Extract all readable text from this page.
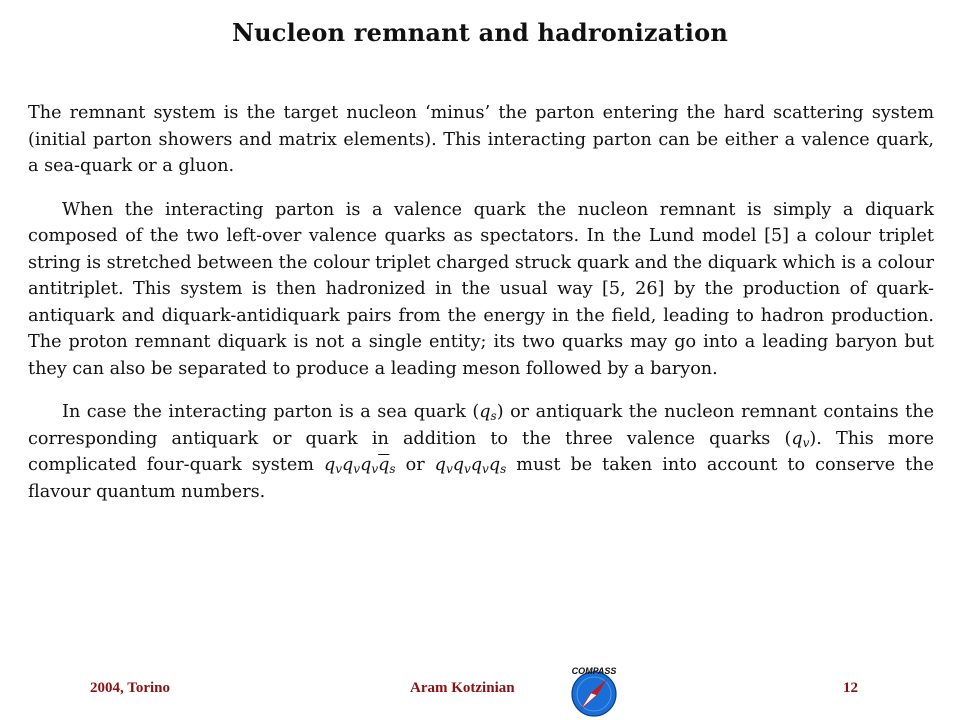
Nucleon remnant and hadronization

The remnant system is the target nucleon ‘minus’ the parton entering the hard scattering system (initial parton showers and matrix elements). This interacting parton can be either a valence quark, a sea-quark or a gluon.

When the interacting parton is a valence quark the nucleon remnant is simply a diquark composed of the two left-over valence quarks as spectators. In the Lund model [5] a colour triplet string is stretched between the colour triplet charged struck quark and the diquark which is a colour antitriplet. This system is then hadronized in the usual way [5, 26] by the production of quark-antiquark and diquark-antidiquark pairs from the energy in the field, leading to hadron production. The proton remnant diquark is not a single entity; its two quarks may go into a leading baryon but they can also be separated to produce a leading meson followed by a baryon.

In case the interacting parton is a sea quark $(q_s)$ or antiquark the nucleon remnant contains the corresponding antiquark or quark in addition to the three valence quarks $(q_v)$. This more complicated four-quark system $q_vq_vq_v\overline{q}_s$ or $q_vq_vq_vq_s$ must be taken into account to conserve the flavour quantum numbers.

2004, Torino	Aram Kotzinian	12
COMPASS
